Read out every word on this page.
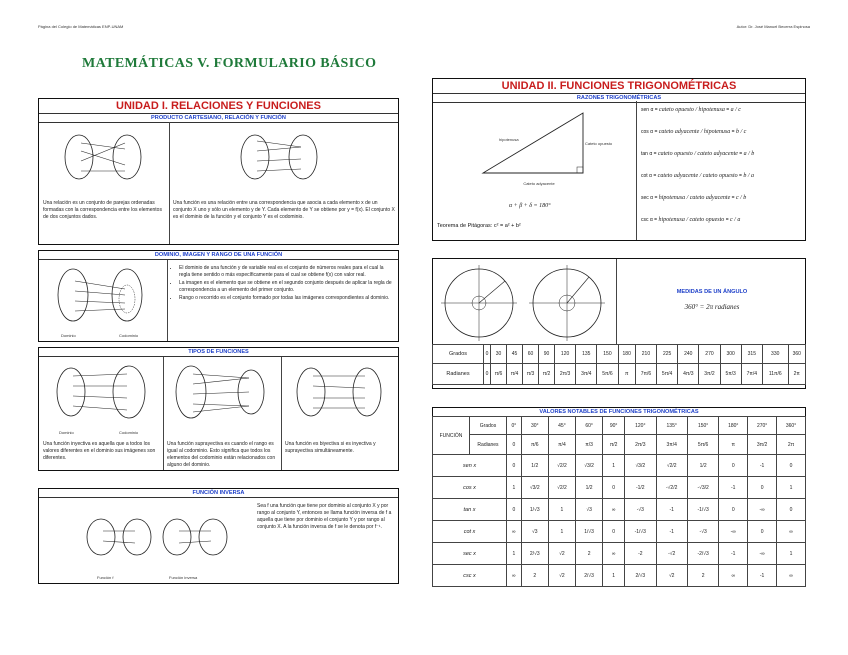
Página del Colegio de Matemáticas ENP-UNAM	Autor: Dr. José Manuel Becerra Espinosa
MATEMÁTICAS V. FORMULARIO BÁSICO
UNIDAD I. RELACIONES Y FUNCIONES
PRODUCTO CARTESIANO, RELACIÓN Y FUNCIÓN
Una relación es un conjunto de parejas ordenadas formadas con la correspondencia entre los elementos de dos conjuntos dados.
Una función es una relación entre una correspondencia que asocia a cada elemento x de un conjunto X uno y sólo un elemento y de Y. Cada elemento de Y se obtiene por y = f(x). El conjunto X es el dominio de la función y el conjunto Y es el codominio.
DOMINIO, IMAGEN Y RANGO DE UNA FUNCIÓN
Dominio	Codominio
• El dominio de una función y de variable real es el conjunto de números reales para el cual la regla tiene sentido o más específicamente para el cual se obtiene f(x) con valor real.
• La imagen es el elemento que se obtiene en el segundo conjunto después de aplicar la regla de correspondencia a un elemento del primer conjunto.
• Rango o recorrido es el conjunto formado por todas las imágenes correspondientes al dominio.
TIPOS DE FUNCIONES
Dominio	Codominio
Una función inyectiva es aquella que a todos los valores diferentes en el dominio sus imágenes son diferentes.
Una función suprayectiva es cuando el rango es igual al codominio. Esto significa que todos los elementos del codominio están relacionados con alguno del dominio.
Una función es biyectiva si es inyectiva y suprayectiva simultáneamente.
FUNCIÓN INVERSA
Función f	Función inversa
Sea f una función que tiene por dominio al conjunto X y por rango al conjunto Y, entonces se llama función inversa de f a aquella que tiene por dominio el conjunto Y y por rango al conjunto X. A la función inversa de f se le denota por f⁻¹.
UNIDAD II. FUNCIONES TRIGONOMÉTRICAS
RAZONES TRIGONOMÉTRICAS
hipotenusa
Cateto opuesto
Cateto adyacente
α + β + δ = 180°
Teorema de Pitágoras: c² = a² + b²
sen α = cateto opuesto / hipotenusa = a / c
cos α = cateto adyacente / hipotenusa = b / c
tan α = cateto opuesto / cateto adyacente = a / b
cot α = cateto adyacente / cateto opuesto = b / a
sec α = hipotenusa / cateto adyacente = c / b
csc α = hipotenusa / cateto opuesto = c / a
MEDIDAS DE UN ÁNGULO
360° = 2π radianes
Grados	0	30	45	60	90	120	135	150	180	210	225	240	270	300	315	330	360
Radianes	0	π/6	π/4	π/3	π/2	2π/3	3π/4	5π/6	π	7π/6	5π/4	4π/3	3π/2	5π/3	7π/4	11π/6	2π
VALORES NOTABLES DE FUNCIONES TRIGONOMÉTRICAS
FUNCIÓN	Grados	0°	30°	45°	60°	90°	120°	135°	150°	180°	270°	360°
	Radianes	0	π/6	π/4	π/3	π/2	2π/3	3π/4	5π/6	π	3π/2	2π
sen x		0	1/2	√2/2	√3/2	1	√3/2	√2/2	1/2	0	-1	0
cos x		1	√3/2	√2/2	1/2	0	-1/2	-√2/2	-√3/2	-1	0	1
tan x		0	1/√3	1	√3	∞	-√3	-1	-1/√3	0	-∞	0
cot x		∞	√3	1	1/√3	0	-1/√3	-1	-√3	-∞	0	∞
sec x		1	2/√3	√2	2	∞	-2	-√2	-2/√3	-1	-∞	1
csc x		∞	2	√2	2/√3	1	2/√3	√2	2	∞	-1	∞
